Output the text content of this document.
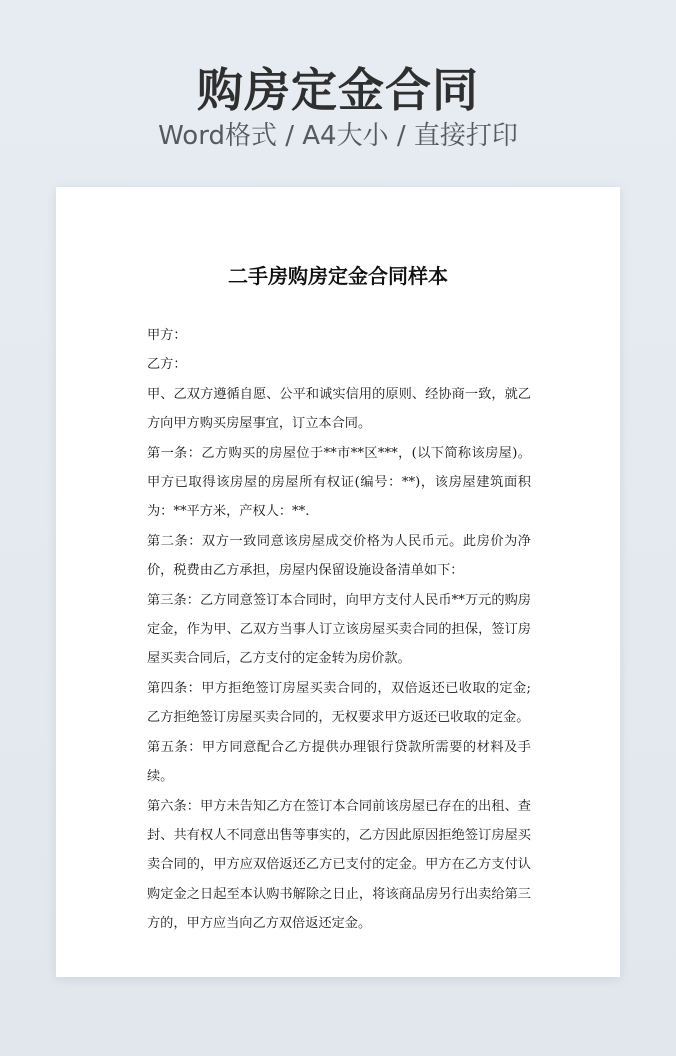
购房定金合同
Word格式 / A4大小 / 直接打印
二手房购房定金合同样本

甲方：

乙方：

甲、乙双方遵循自愿、公平和诚实信用的原则、经协商一致，就乙方向甲方购买房屋事宜，订立本合同。

第一条：乙方购买的房屋位于**市**区***，(以下简称该房屋)。甲方已取得该房屋的房屋所有权证(编号：**)，该房屋建筑面积为：**平方米，产权人：**.

第二条：双方一致同意该房屋成交价格为人民币元。此房价为净价，税费由乙方承担，房屋内保留设施设备清单如下：

第三条：乙方同意签订本合同时，向甲方支付人民币**万元的购房定金，作为甲、乙双方当事人订立该房屋买卖合同的担保，签订房屋买卖合同后，乙方支付的定金转为房价款。

第四条：甲方拒绝签订房屋买卖合同的，双倍返还已收取的定金;乙方拒绝签订房屋买卖合同的，无权要求甲方返还已收取的定金。

第五条：甲方同意配合乙方提供办理银行贷款所需要的材料及手续。

第六条：甲方未告知乙方在签订本合同前该房屋已存在的出租、查封、共有权人不同意出售等事实的，乙方因此原因拒绝签订房屋买卖合同的，甲方应双倍返还乙方已支付的定金。甲方在乙方支付认购定金之日起至本认购书解除之日止，将该商品房另行出卖给第三方的，甲方应当向乙方双倍返还定金。
